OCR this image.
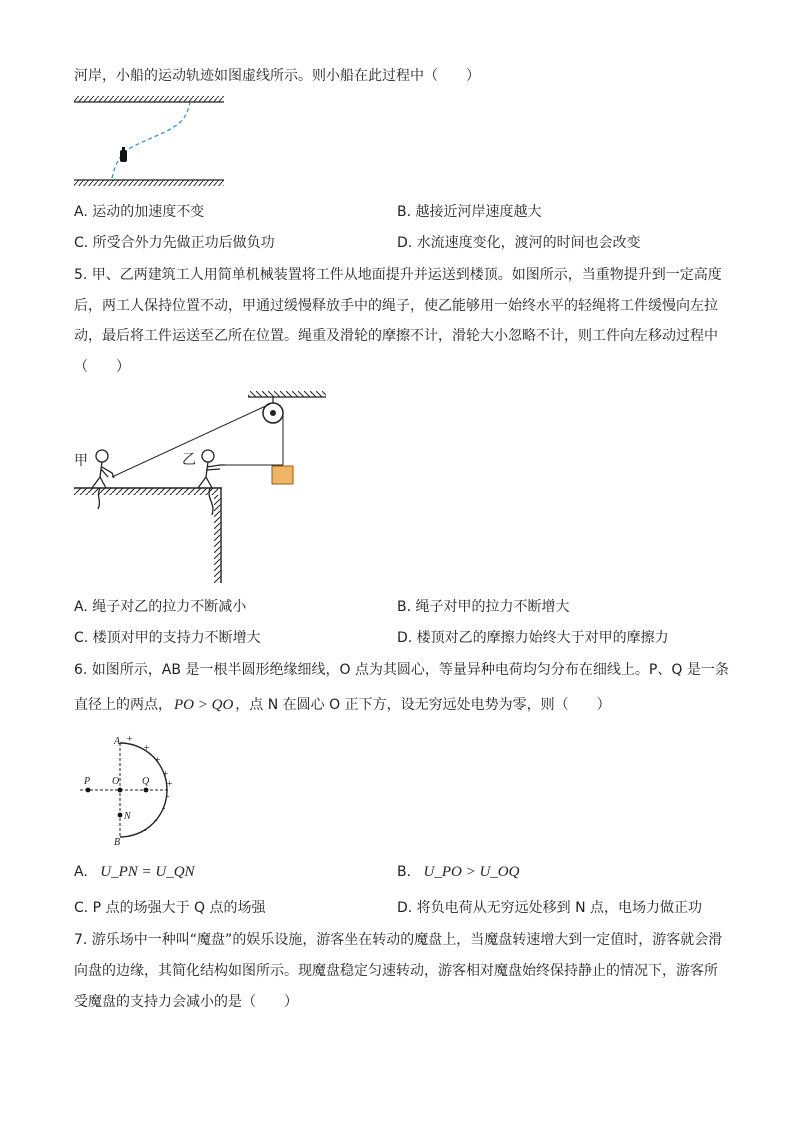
河岸，小船的运动轨迹如图虚线所示。则小船在此过程中（　　）
A. 运动的加速度不变	B. 越接近河岸速度越大
C. 所受合外力先做正功后做负功	D. 水流速度变化，渡河的时间也会改变
5. 甲、乙两建筑工人用简单机械装置将工件从地面提升并运送到楼顶。如图所示，当重物提升到一定高度
后，两工人保持位置不动，甲通过缓慢释放手中的绳子，使乙能够用一始终水平的轻绳将工件缓慢向左拉
动，最后将工件运送至乙所在位置。绳重及滑轮的摩擦不计，滑轮大小忽略不计，则工件向左移动过程中
（　　）
甲	乙
A. 绳子对乙的拉力不断减小	B. 绳子对甲的拉力不断增大
C. 楼顶对甲的支持力不断增大	D. 楼顶对乙的摩擦力始终大于对甲的摩擦力
6. 如图所示，AB 是一根半圆形绝缘细线，O 点为其圆心，等量异种电荷均匀分布在细线上。P、Q 是一条
直径上的两点， PO > QO ，点 N 在圆心 O 正下方，设无穷远处电势为零，则（　　）
A
B
P O Q
N
+
+
+
+
+
-
-
-
-
A. U_PN = U_QN	B. U_PO > U_OQ
C. P 点的场强大于 Q 点的场强	D. 将负电荷从无穷远处移到 N 点，电场力做正功
7. 游乐场中一种叫“魔盘”的娱乐设施，游客坐在转动的魔盘上，当魔盘转速增大到一定值时，游客就会滑
向盘的边缘，其简化结构如图所示。现魔盘稳定匀速转动，游客相对魔盘始终保持静止的情况下，游客所
受魔盘的支持力会减小的是（　　）
